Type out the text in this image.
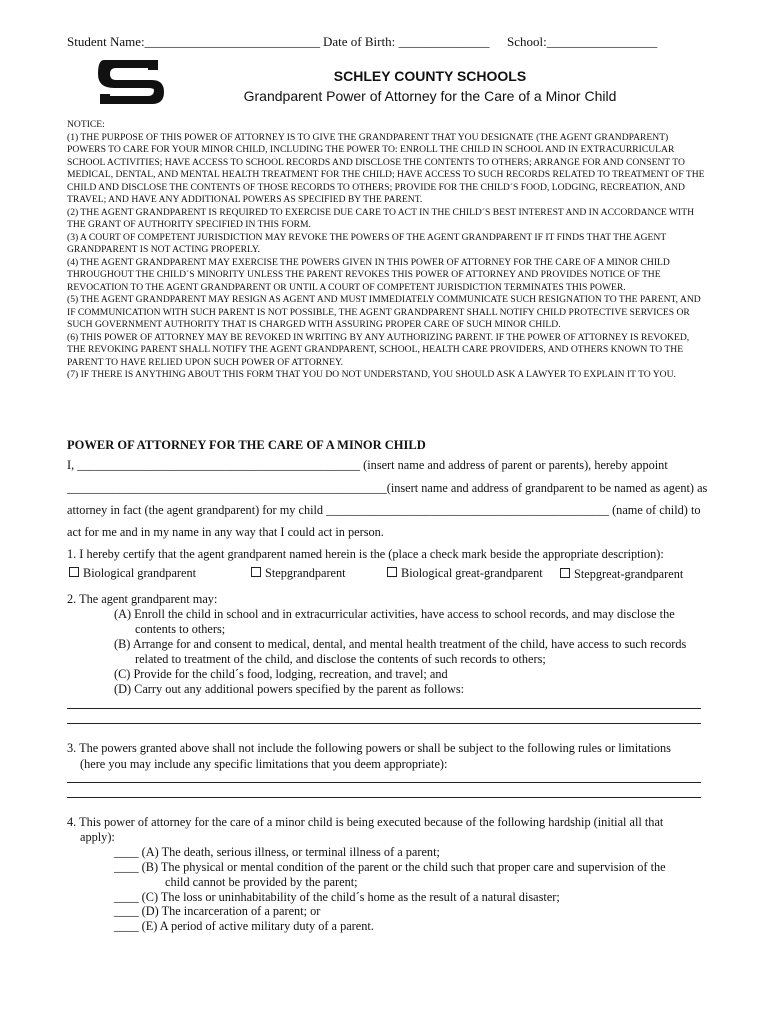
Student Name:___________________________ Date of Birth: ______________ School:_________________
SCHLEY COUNTY SCHOOLS
Grandparent Power of Attorney for the Care of a Minor Child
NOTICE:
(1) THE PURPOSE OF THIS POWER OF ATTORNEY IS TO GIVE THE GRANDPARENT THAT YOU DESIGNATE (THE AGENT GRANDPARENT) POWERS TO CARE FOR YOUR MINOR CHILD, INCLUDING THE POWER TO: ENROLL THE CHILD IN SCHOOL AND IN EXTRACURRICULAR SCHOOL ACTIVITIES; HAVE ACCESS TO SCHOOL RECORDS AND DISCLOSE THE CONTENTS TO OTHERS; ARRANGE FOR AND CONSENT TO MEDICAL, DENTAL, AND MENTAL HEALTH TREATMENT FOR THE CHILD; HAVE ACCESS TO SUCH RECORDS RELATED TO TREATMENT OF THE CHILD AND DISCLOSE THE CONTENTS OF THOSE RECORDS TO OTHERS; PROVIDE FOR THE CHILD´S FOOD, LODGING, RECREATION, AND TRAVEL; AND HAVE ANY ADDITIONAL POWERS AS SPECIFIED BY THE PARENT.
(2) THE AGENT GRANDPARENT IS REQUIRED TO EXERCISE DUE CARE TO ACT IN THE CHILD´S BEST INTEREST AND IN ACCORDANCE WITH THE GRANT OF AUTHORITY SPECIFIED IN THIS FORM.
(3) A COURT OF COMPETENT JURISDICTION MAY REVOKE THE POWERS OF THE AGENT GRANDPARENT IF IT FINDS THAT THE AGENT GRANDPARENT IS NOT ACTING PROPERLY.
(4) THE AGENT GRANDPARENT MAY EXERCISE THE POWERS GIVEN IN THIS POWER OF ATTORNEY FOR THE CARE OF A MINOR CHILD THROUGHOUT THE CHILD´S MINORITY UNLESS THE PARENT REVOKES THIS POWER OF ATTORNEY AND PROVIDES NOTICE OF THE REVOCATION TO THE AGENT GRANDPARENT OR UNTIL A COURT OF COMPETENT JURISDICTION TERMINATES THIS POWER.
(5) THE AGENT GRANDPARENT MAY RESIGN AS AGENT AND MUST IMMEDIATELY COMMUNICATE SUCH RESIGNATION TO THE PARENT, AND IF COMMUNICATION WITH SUCH PARENT IS NOT POSSIBLE, THE AGENT GRANDPARENT SHALL NOTIFY CHILD PROTECTIVE SERVICES OR SUCH GOVERNMENT AUTHORITY THAT IS CHARGED WITH ASSURING PROPER CARE OF SUCH MINOR CHILD.
(6) THIS POWER OF ATTORNEY MAY BE REVOKED IN WRITING BY ANY AUTHORIZING PARENT. IF THE POWER OF ATTORNEY IS REVOKED, THE REVOKING PARENT SHALL NOTIFY THE AGENT GRANDPARENT, SCHOOL, HEALTH CARE PROVIDERS, AND OTHERS KNOWN TO THE PARENT TO HAVE RELIED UPON SUCH POWER OF ATTORNEY.
(7) IF THERE IS ANYTHING ABOUT THIS FORM THAT YOU DO NOT UNDERSTAND, YOU SHOULD ASK A LAWYER TO EXPLAIN IT TO YOU.
POWER OF ATTORNEY FOR THE CARE OF A MINOR CHILD
I, ______________________________________________ (insert name and address of parent or parents), hereby appoint
____________________________________________________(insert name and address of grandparent to be named as agent) as
attorney in fact (the agent grandparent) for my child ______________________________________________ (name of child) to
act for me and in my name in any way that I could act in person.
1. I hereby certify that the agent grandparent named herein is the (place a check mark beside the appropriate description):
Biological grandparent	Stepgrandparent	Biological great-grandparent	Stepgreat-grandparent
2. The agent grandparent may:
(A) Enroll the child in school and in extracurricular activities, have access to school records, and may disclose the
contents to others;
(B) Arrange for and consent to medical, dental, and mental health treatment of the child, have access to such records
related to treatment of the child, and disclose the contents of such records to others;
(C) Provide for the child´s food, lodging, recreation, and travel; and
(D) Carry out any additional powers specified by the parent as follows:
3. The powers granted above shall not include the following powers or shall be subject to the following rules or limitations
(here you may include any specific limitations that you deem appropriate):
4. This power of attorney for the care of a minor child is being executed because of the following hardship (initial all that
apply):
____ (A) The death, serious illness, or terminal illness of a parent;
____ (B) The physical or mental condition of the parent or the child such that proper care and supervision of the
child cannot be provided by the parent;
____ (C) The loss or uninhabitability of the child´s home as the result of a natural disaster;
____ (D) The incarceration of a parent; or
____ (E) A period of active military duty of a parent.
